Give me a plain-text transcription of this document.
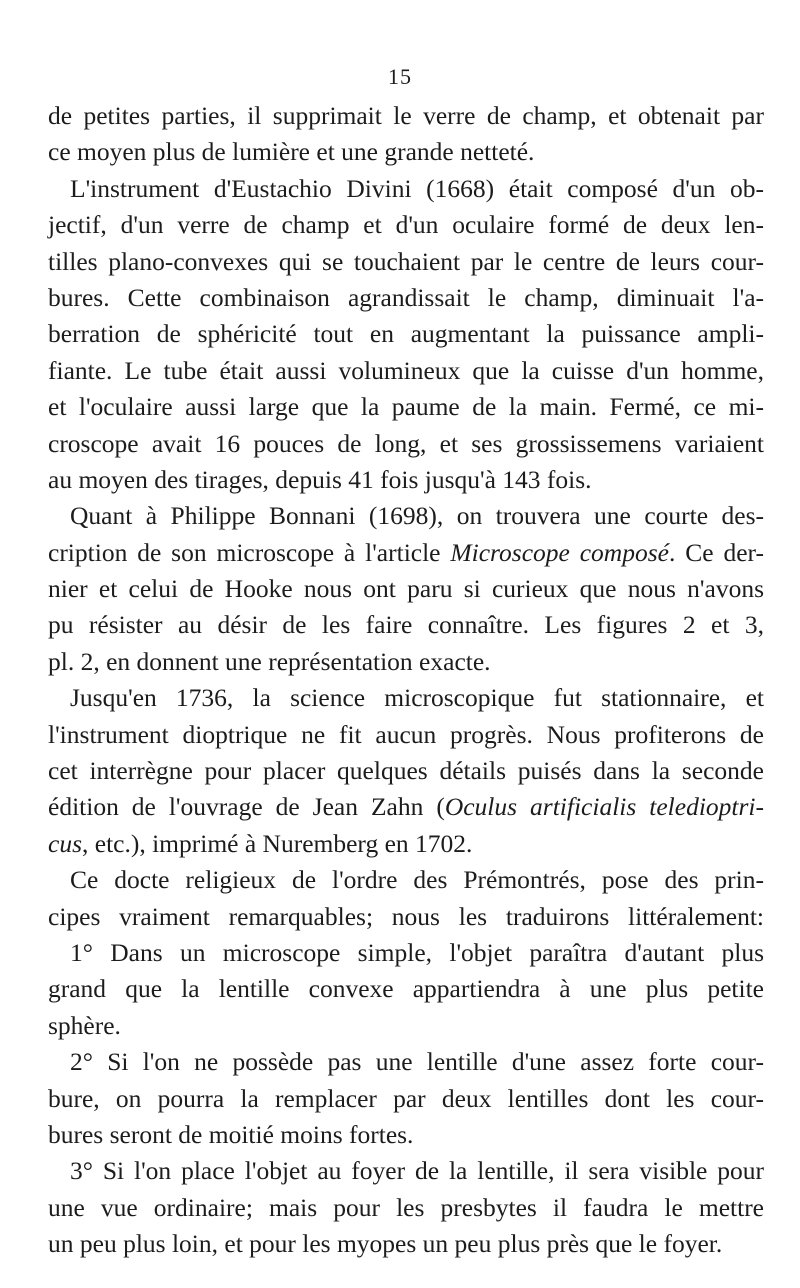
15
de petites parties, il supprimait le verre de champ, et obtenait par
ce moyen plus de lumière et une grande netteté.
L'instrument d'Eustachio Divini (1668) était composé d'un ob-
jectif, d'un verre de champ et d'un oculaire formé de deux len-
tilles plano-convexes qui se touchaient par le centre de leurs cour-
bures. Cette combinaison agrandissait le champ, diminuait l'a-
berration de sphéricité tout en augmentant la puissance ampli-
fiante. Le tube était aussi volumineux que la cuisse d'un homme,
et l'oculaire aussi large que la paume de la main. Fermé, ce mi-
croscope avait 16 pouces de long, et ses grossissemens variaient
au moyen des tirages, depuis 41 fois jusqu'à 143 fois.
Quant à Philippe Bonnani (1698), on trouvera une courte des-
cription de son microscope à l'article Microscope composé. Ce der-
nier et celui de Hooke nous ont paru si curieux que nous n'avons
pu résister au désir de les faire connaître. Les figures 2 et 3,
pl. 2, en donnent une représentation exacte.
Jusqu'en 1736, la science microscopique fut stationnaire, et
l'instrument dioptrique ne fit aucun progrès. Nous profiterons de
cet interrègne pour placer quelques détails puisés dans la seconde
édition de l'ouvrage de Jean Zahn (Oculus artificialis teledioptri-
cus, etc.), imprimé à Nuremberg en 1702.
Ce docte religieux de l'ordre des Prémontrés, pose des prin-
cipes vraiment remarquables; nous les traduirons littéralement:
1° Dans un microscope simple, l'objet paraîtra d'autant plus
grand que la lentille convexe appartiendra à une plus petite
sphère.
2° Si l'on ne possède pas une lentille d'une assez forte cour-
bure, on pourra la remplacer par deux lentilles dont les cour-
bures seront de moitié moins fortes.
3° Si l'on place l'objet au foyer de la lentille, il sera visible pour
une vue ordinaire; mais pour les presbytes il faudra le mettre
un peu plus loin, et pour les myopes un peu plus près que le foyer.
